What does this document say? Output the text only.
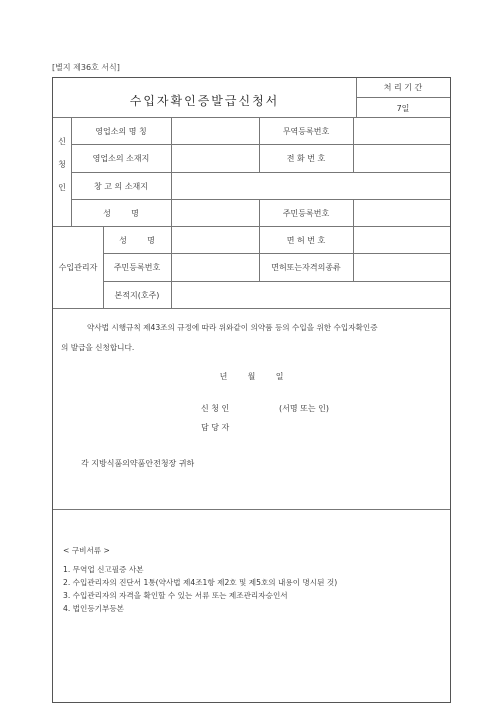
[별지 제36호 서식]
수입자확인증발급신청서
처 리 기 간
7일
신
청
인
영업소의 명 칭	무역등록번호
영업소의 소재지	전 화 번 호
창 고 의 소재지
성        명	주민등록번호
수입관리자
성        명	면 허 번 호
주민등록번호	면허또는자격의종류
본적지(호주)
약사법 시행규칙 제43조의 규정에 따라 위와같이 의약품 등의 수입을 위한 수입자확인증
의 발급을 신청합니다.
년        월        일
신 청 인	(서명 또는 인)
담 당 자
각 지방식품의약품안전청장 귀하
< 구비서류 >
1. 무역업 신고필증 사본
2. 수입관리자의 진단서 1통(약사법 제4조1항 제2호 및 제5호의 내용이 명시된 것)
3. 수입관리자의 자격을 확인할 수 있는 서류 또는 제조관리자승인서
4. 법인등기부등본
